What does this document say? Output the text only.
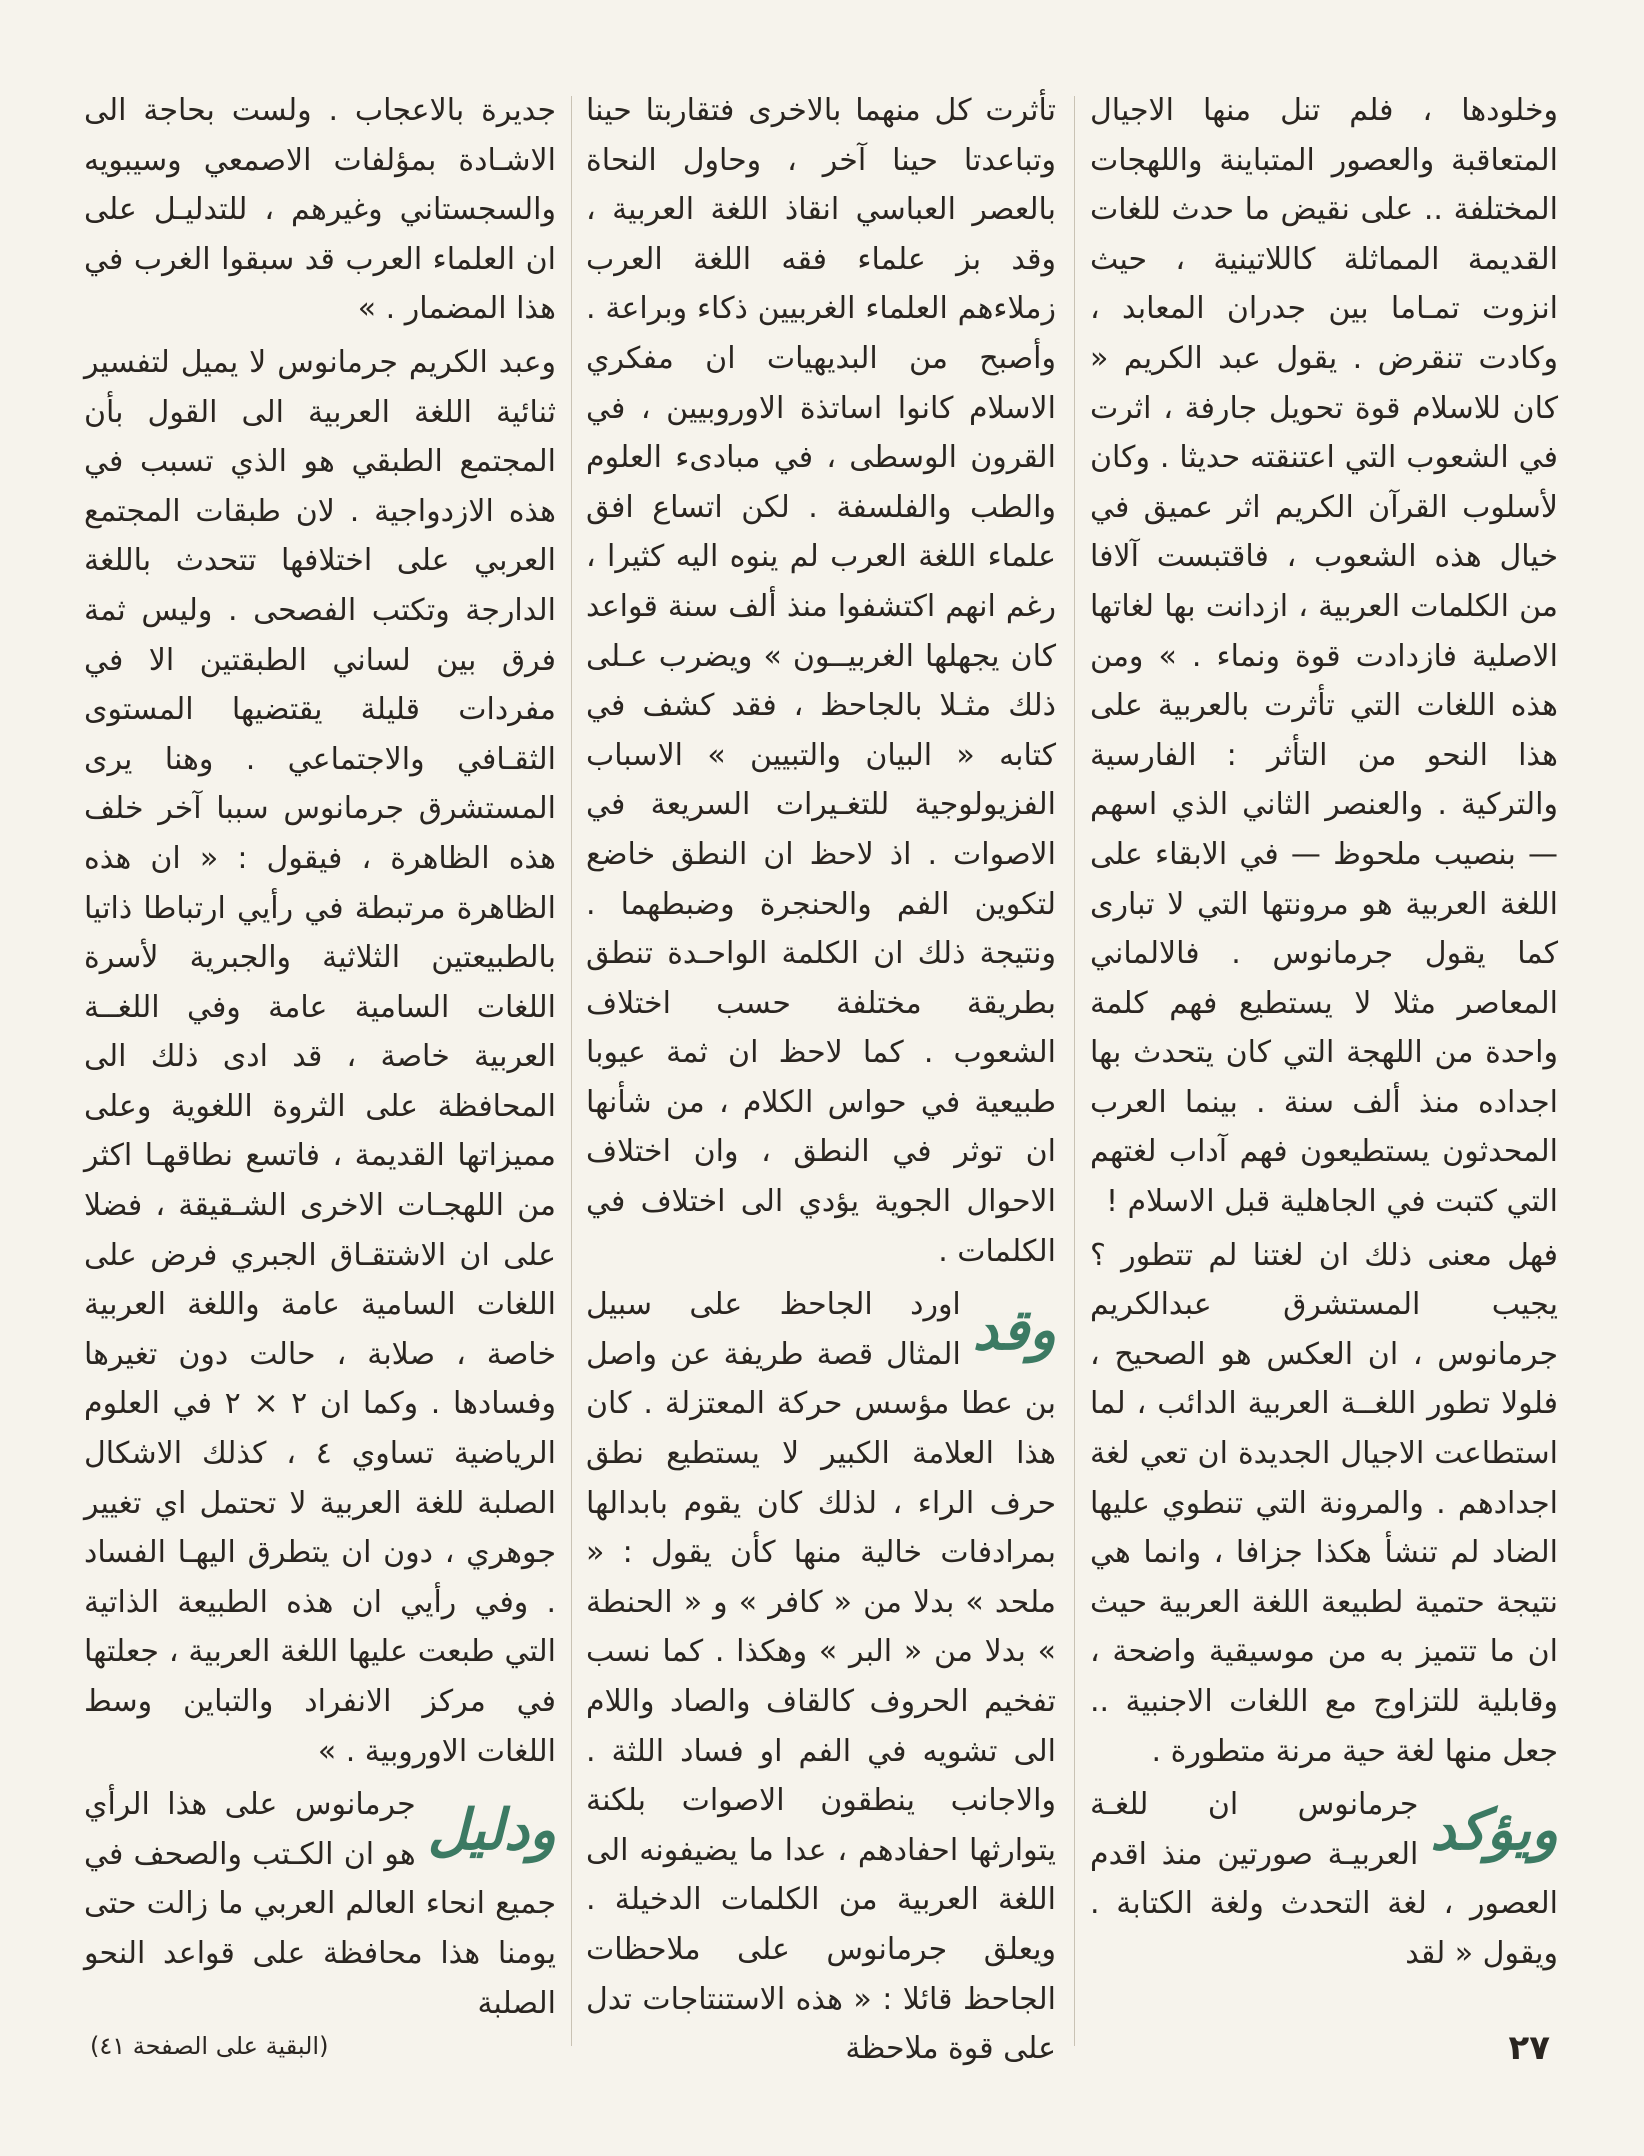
وخلودها ، فلم تنل منها الاجيال المتعاقبة والعصور المتباينة واللهجات المختلفة .. على نقيض ما حدث للغات القديمة المماثلة كاللاتينية ، حيث انزوت تمـاما بين جدران المعابد ، وكادت تنقرض . يقول عبد الكريم « كان للاسلام قوة تحويل جارفة ، اثرت في الشعوب التي اعتنقته حديثا . وكان لأسلوب القرآن الكريم اثر عميق في خيال هذه الشعوب ، فاقتبست آلافا من الكلمات العربية ، ازدانت بها لغاتها الاصلية فازدادت قوة ونماء . » ومن هذه اللغات التي تأثرت بالعربية على هذا النحو من التأثر : الفارسية والتركية . والعنصر الثاني الذي اسهم — بنصيب ملحوظ — في الابقاء على اللغة العربية هو مرونتها التي لا تبارى كما يقول جرمانوس . فالالماني المعاصر مثلا لا يستطيع فهم كلمة واحدة من اللهجة التي كان يتحدث بها اجداده منذ ألف سنة . بينما العرب المحدثون يستطيعون فهم آداب لغتهم التي كتبت في الجاهلية قبل الاسلام !

فهل معنى ذلك ان لغتنا لم تتطور ؟ يجيب المستشرق عبدالكريم جرمانوس ، ان العكس هو الصحيح ، فلولا تطور اللغــة العربية الدائب ، لما استطاعت الاجيال الجديدة ان تعي لغة اجدادهم . والمرونة التي تنطوي عليها الضاد لم تنشأ هكذا جزافا ، وانما هي نتيجة حتمية لطبيعة اللغة العربية حيث ان ما تتميز به من موسيقية واضحة ، وقابلية للتزاوج مع اللغات الاجنبية .. جعل منها لغة حية مرنة متطورة .

ويؤكد
جرمانوس ان للغـة العربيـة صورتين منذ اقدم العصور ، لغة التحدث ولغة الكتابة . ويقول « لقد

تأثرت كل منهما بالاخرى فتقاربتا حينا وتباعدتا حينا آخر ، وحاول النحاة بالعصر العباسي انقاذ اللغة العربية ، وقد بز علماء فقه اللغة العرب زملاءهم العلماء الغربيين ذكاء وبراعة . وأصبح من البديهيات ان مفكري الاسلام كانوا اساتذة الاوروبيين ، في القرون الوسطى ، في مبادىء العلوم والطب والفلسفة . لكن اتساع افق علماء اللغة العرب لم ينوه اليه كثيرا ، رغم انهم اكتشفوا منذ ألف سنة قواعد كان يجهلها الغربيــون » ويضرب عـلى ذلك مثـلا بالجاحظ ، فقد كشف في كتابه « البيان والتبيين » الاسباب الفزيولوجية للتغـيرات السريعة في الاصوات . اذ لاحظ ان النطق خاضع لتكوين الفم والحنجرة وضبطهما . ونتيجة ذلك ان الكلمة الواحـدة تنطق بطريقة مختلفة حسب اختلاف الشعوب . كما لاحظ ان ثمة عيوبا طبيعية في حواس الكلام ، من شأنها ان توثر في النطق ، وان اختلاف الاحوال الجوية يؤدي الى اختلاف في الكلمات .

وقد
اورد الجاحظ على سبيل المثال قصة طريفة عن واصل بن عطا مؤسس حركة المعتزلة . كان هذا العلامة الكبير لا يستطيع نطق حرف الراء ، لذلك كان يقوم بابدالها بمرادفات خالية منها كأن يقول : « ملحد » بدلا من « كافر » و « الحنطة » بدلا من « البر » وهكذا . كما نسب تفخيم الحروف كالقاف والصاد واللام الى تشويه في الفم او فساد اللثة . والاجانب ينطقون الاصوات بلكنة يتوارثها احفادهم ، عدا ما يضيفونه الى اللغة العربية من الكلمات الدخيلة . ويعلق جرمانوس على ملاحظات الجاحظ قائلا : « هذه الاستنتاجات تدل على قوة ملاحظة

جديرة بالاعجاب . ولست بحاجة الى الاشـادة بمؤلفات الاصمعي وسيبويه والسجستاني وغيرهم ، للتدليـل على ان العلماء العرب قد سبقوا الغرب في هذا المضمار . »

وعبد الكريم جرمانوس لا يميل لتفسير ثنائية اللغة العربية الى القول بأن المجتمع الطبقي هو الذي تسبب في هذه الازدواجية . لان طبقات المجتمع العربي على اختلافها تتحدث باللغة الدارجة وتكتب الفصحى . وليس ثمة فرق بين لساني الطبقتين الا في مفردات قليلة يقتضيها المستوى الثقـافي والاجتماعي . وهنا يرى المستشرق جرمانوس سببا آخر خلف هذه الظاهرة ، فيقول : « ان هذه الظاهرة مرتبطة في رأيي ارتباطا ذاتيا بالطبيعتين الثلاثية والجبرية لأسرة اللغات السامية عامة وفي اللغــة العربية خاصة ، قد ادى ذلك الى المحافظة على الثروة اللغوية وعلى مميزاتها القديمة ، فاتسع نطاقهـا اكثر من اللهجـات الاخرى الشـقيقة ، فضلا على ان الاشتقـاق الجبري فرض على اللغات السامية عامة واللغة العربية خاصة ، صلابة ، حالت دون تغيرها وفسادها . وكما ان ٢ × ٢ في العلوم الرياضية تساوي ٤ ، كذلك الاشكال الصلبة للغة العربية لا تحتمل اي تغيير جوهري ، دون ان يتطرق اليهـا الفساد . وفي رأيي ان هذه الطبيعة الذاتية التي طبعت عليها اللغة العربية ، جعلتها في مركز الانفراد والتباين وسط اللغات الاوروبية . »

ودليل
جرمانوس على هذا الرأي هو ان الكـتب والصحف في جميع انحاء العالم العربي ما زالت حتى يومنا هذا محافظة على قواعد النحو الصلبة

٢٧
(البقية على الصفحة ٤١)
